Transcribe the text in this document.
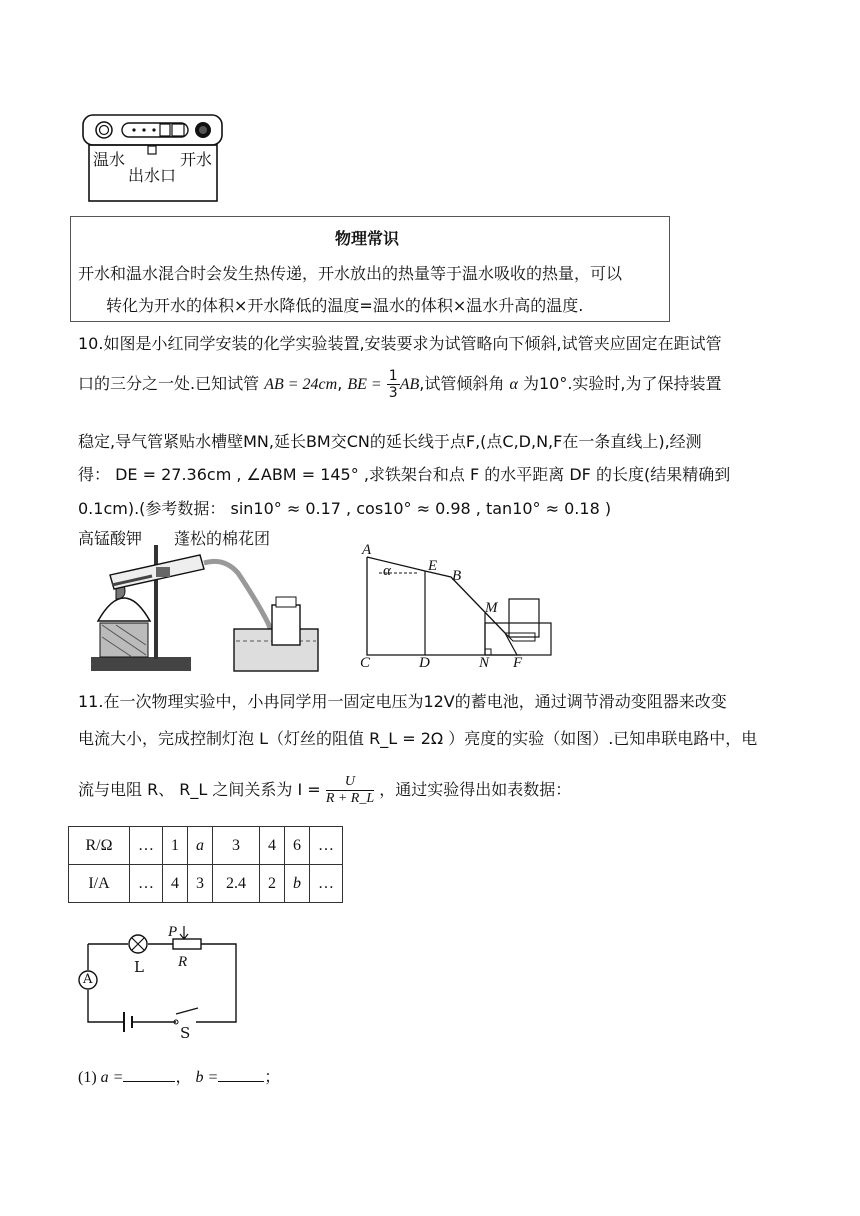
温水	开水
出水口
物理常识
开水和温水混合时会发生热传递，开水放出的热量等于温水吸收的热量，可以
转化为开水的体积×开水降低的温度=温水的体积×温水升高的温度.
10.如图是小红同学安装的化学实验装置,安装要求为试管略向下倾斜,试管夹应固定在距试管
口的三分之一处.已知试管 AB = 24cm, BE = $\frac{1}{3}$ AB,试管倾斜角 α 为10°.实验时,为了保持装置
稳定,导气管紧贴水槽壁MN,延长BM交CN的延长线于点F,(点C,D,N,F在一条直线上),经测
得： DE = 27.36cm , ∠ABM = 145° ,求铁架台和点 F 的水平距离 DF 的长度(结果精确到
0.1cm).(参考数据： sin10° ≈ 0.17 , cos10° ≈ 0.98 , tan10° ≈ 0.18 )
高锰酸钾 蓬松的棉花团
A
α E
B
M
C	D	N F
11.在一次物理实验中，小冉同学用一固定电压为12V的蓄电池，通过调节滑动变阻器来改变
电流大小，完成控制灯泡 L（灯丝的阻值 R_L = 2Ω ）亮度的实验（如图）.已知串联电路中，电
流与电阻 R、 R_L 之间关系为 $I = \frac{U}{R + R\_L}$ ，通过实验得出如表数据：
R/Ω	…	1	a	3	4	6	…
I/A	…	4	3	2.4	2	b	…
P
L R
A
S
(1) a =	， b =	；
